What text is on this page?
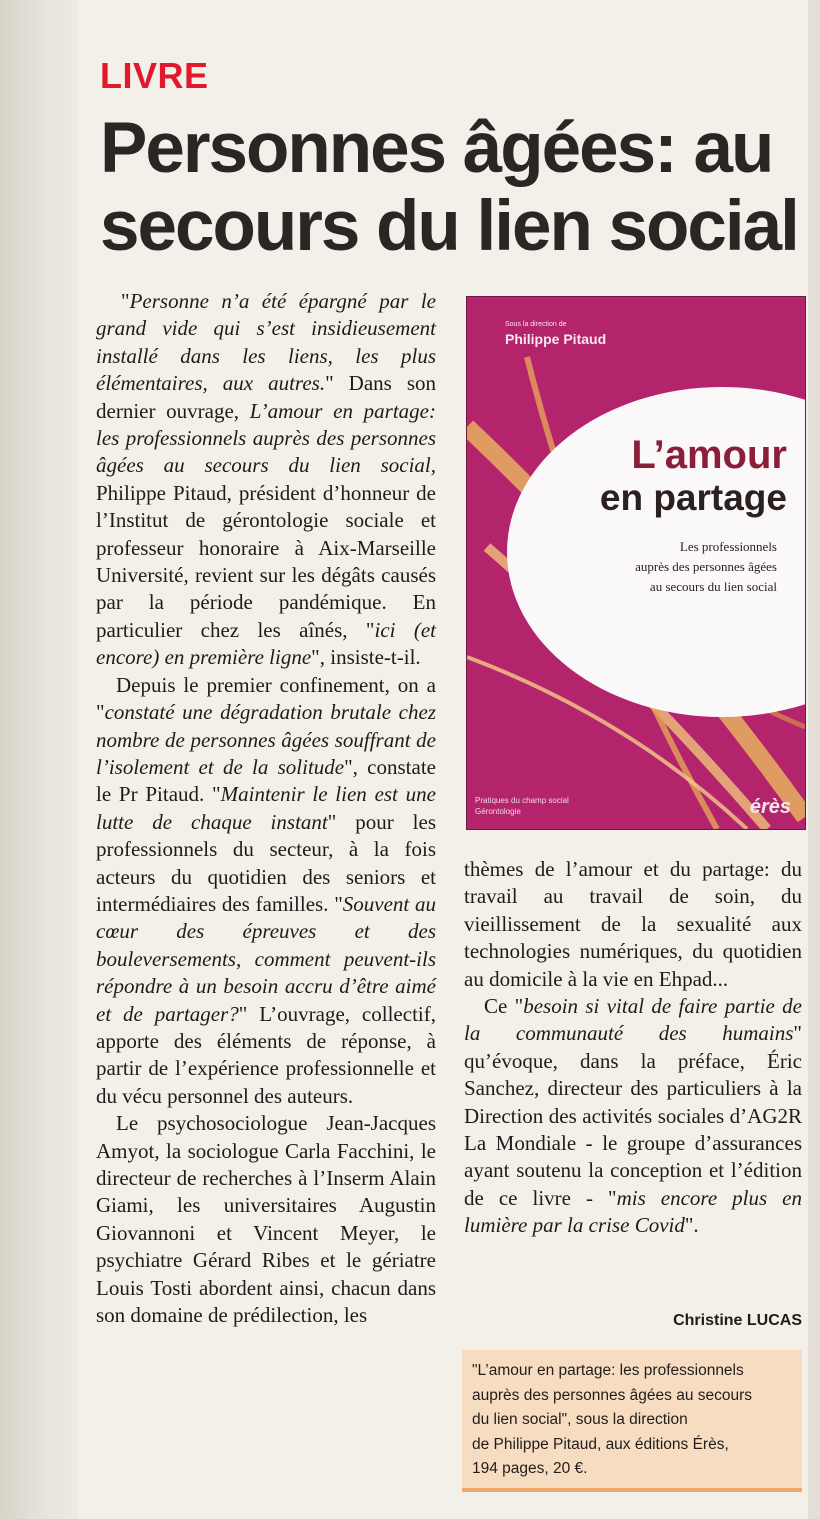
LIVRE
Personnes âgées: au secours du lien social

"Personne n’a été épargné par le grand vide qui s’est insidieusement installé dans les liens, les plus élémentaires, aux autres." Dans son dernier ouvrage, L’amour en partage: les professionnels auprès des personnes âgées au secours du lien social, Philippe Pitaud, président d’honneur de l’Institut de gérontologie sociale et professeur honoraire à Aix-Marseille Université, revient sur les dégâts causés par la période pandémique. En particulier chez les aînés, "ici (et encore) en première ligne", insiste-t-il.

Depuis le premier confinement, on a "constaté une dégradation brutale chez nombre de personnes âgées souffrant de l’isolement et de la solitude", constate le Pr Pitaud. "Maintenir le lien est une lutte de chaque instant" pour les professionnels du secteur, à la fois acteurs du quotidien des seniors et intermédiaires des familles. "Souvent au cœur des épreuves et des bouleversements, comment peuvent-ils répondre à un besoin accru d’être aimé et de partager?" L’ouvrage, collectif, apporte des éléments de réponse, à partir de l’expérience professionnelle et du vécu personnel des auteurs.

Le psychosociologue Jean-Jacques Amyot, la sociologue Carla Facchini, le directeur de recherches à l’Inserm Alain Giami, les universitaires Augustin Giovannoni et Vincent Meyer, le psychiatre Gérard Ribes et le gériatre Louis Tosti abordent ainsi, chacun dans son domaine de prédilection, les

Sous la direction de
Philippe Pitaud
L’amour
en partage
Les professionnels
auprès des personnes âgées
au secours du lien social
Pratiques du champ social
Gérontologie	érès

thèmes de l’amour et du partage: du travail au travail de soin, du vieillissement de la sexualité aux technologies numériques, du quotidien au domicile à la vie en Ehpad...

Ce "besoin si vital de faire partie de la communauté des humains" qu’évoque, dans la préface, Éric Sanchez, directeur des particuliers à la Direction des activités sociales d’AG2R La Mondiale - le groupe d’assurances ayant soutenu la conception et l’édition de ce livre - "mis encore plus en lumière par la crise Covid".

Christine LUCAS
"L’amour en partage: les professionnels
auprès des personnes âgées au secours
du lien social", sous la direction
de Philippe Pitaud, aux éditions Érès,
194 pages, 20 €.
